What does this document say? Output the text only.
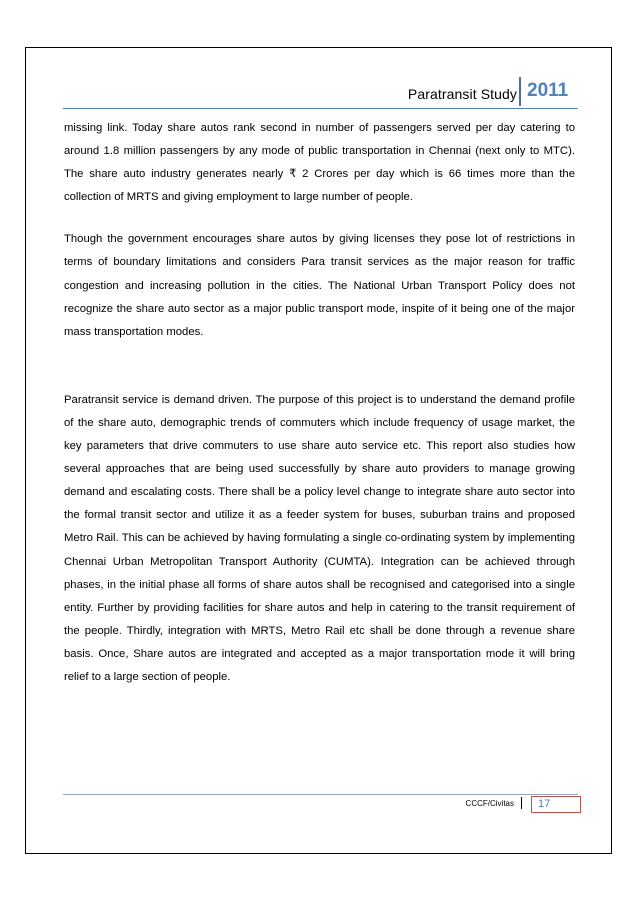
Paratransit Study 2011

missing link. Today share autos rank second in number of passengers served per day catering to around 1.8 million passengers by any mode of public transportation in Chennai (next only to MTC). The share auto industry generates nearly ₹ 2 Crores per day which is 66 times more than the collection of MRTS and giving employment to large number of people.

Though the government encourages share autos by giving licenses they pose lot of restrictions in terms of boundary limitations and considers Para transit services as the major reason for traffic congestion and increasing pollution in the cities. The National Urban Transport Policy does not recognize the share auto sector as a major public transport mode, inspite of it being one of the major mass transportation modes.

Paratransit service is demand driven. The purpose of this project is to understand the demand profile of the share auto, demographic trends of commuters which include frequency of usage market, the key parameters that drive commuters to use share auto service etc. This report also studies how several approaches that are being used successfully by share auto providers to manage growing demand and escalating costs. There shall be a policy level change to integrate share auto sector into the formal transit sector and utilize it as a feeder system for buses, suburban trains and proposed Metro Rail. This can be achieved by having formulating a single co-ordinating system by implementing Chennai Urban Metropolitan Transport Authority (CUMTA). Integration can be achieved through phases, in the initial phase all forms of share autos shall be recognised and categorised into a single entity. Further by providing facilities for share autos and help in catering to the transit requirement of the people. Thirdly, integration with MRTS, Metro Rail etc shall be done through a revenue share basis. Once, Share autos are integrated and accepted as a major transportation mode it will bring relief to a large section of people.

CCCF/Civitas 17
